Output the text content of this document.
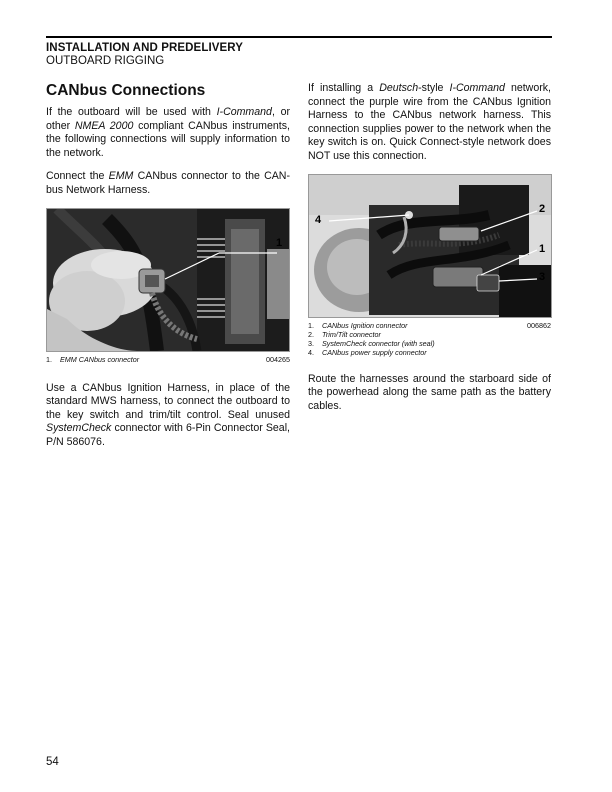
INSTALLATION AND PREDELIVERY
OUTBOARD RIGGING
CANbus Connections

If the outboard will be used with I-Command, or other NMEA 2000 compliant CANbus instruments, the following connections will supply information to the network.

Connect the EMM CANbus connector to the CAN-bus Network Harness.

1
1. EMM CANbus connector	004265

Use a CANbus Ignition Harness, in place of the standard MWS harness, to connect the outboard to the key switch and trim/tilt control. Seal unused SystemCheck connector with 6-Pin Connector Seal, P/N 586076.

If installing a Deutsch-style I-Command network, connect the purple wire from the CANbus Ignition Harness to the CANbus network harness. This connection supplies power to the network when the key switch is on. Quick Connect-style network does NOT use this connection.

4
2
1
3
006862
1. CANbus Ignition connector
2. Trim/Tilt connector
3. SystemCheck connector (with seal)
4. CANbus power supply connector

Route the harnesses around the starboard side of the powerhead along the same path as the battery cables.

54
